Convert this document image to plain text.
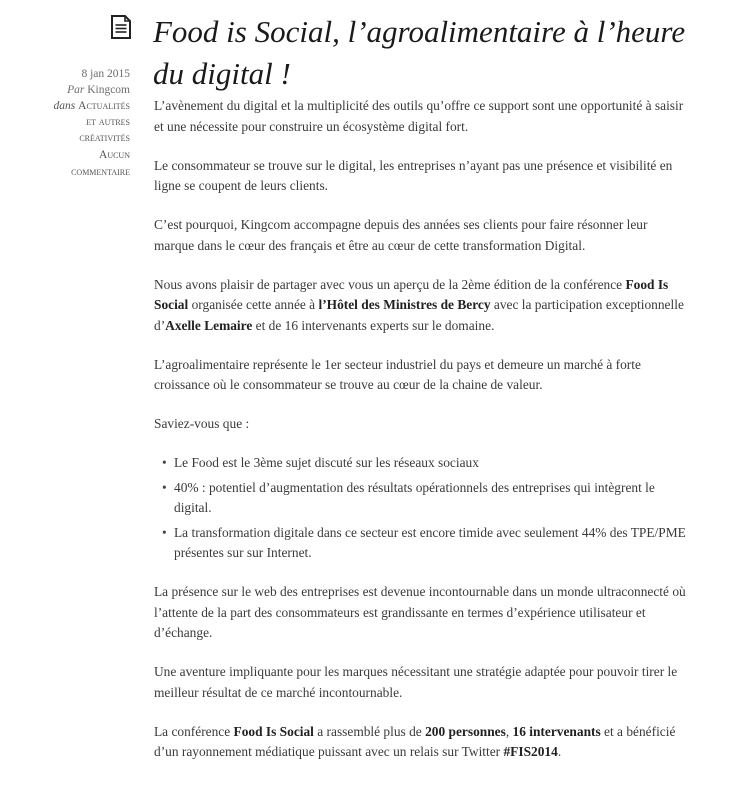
Food is Social, l’agroalimentaire à l’heure du digital !
8 jan 2015
Par Kingcom
dans Actualités
et autres
créativités
Aucun
commentaire

L’avènement du digital et la multiplicité des outils qu’offre ce support sont une opportunité à saisir et une nécessite pour construire un écosystème digital fort.

Le consommateur se trouve sur le digital, les entreprises n’ayant pas une présence et visibilité en ligne se coupent de leurs clients.

C’est pourquoi, Kingcom accompagne depuis des années ses clients pour faire résonner leur marque dans le cœur des français et être au cœur de cette transformation Digital.

Nous avons plaisir de partager avec vous un aperçu de la 2ème édition de la conférence Food Is Social organisée cette année à l’Hôtel des Ministres de Bercy avec la participation exceptionnelle d’Axelle Lemaire et de 16 intervenants experts sur le domaine.

L’agroalimentaire représente le 1er secteur industriel du pays et demeure un marché à forte croissance où le consommateur se trouve au cœur de la chaine de valeur.

Saviez-vous que :

• Le Food est le 3ème sujet discuté sur les réseaux sociaux
• 40% : potentiel d’augmentation des résultats opérationnels des entreprises qui intègrent le digital.
• La transformation digitale dans ce secteur est encore timide avec seulement 44% des TPE/PME présentes sur sur Internet.

La présence sur le web des entreprises est devenue incontournable dans un monde ultraconnecté où l’attente de la part des consommateurs est grandissante en termes d’expérience utilisateur et d’échange.

Une aventure impliquante pour les marques nécessitant une stratégie adaptée pour pouvoir tirer le meilleur résultat de ce marché incontournable.

La conférence Food Is Social a rassemblé plus de 200 personnes, 16 intervenants et a bénéficié d’un rayonnement médiatique puissant avec un relais sur Twitter #FIS2014.
